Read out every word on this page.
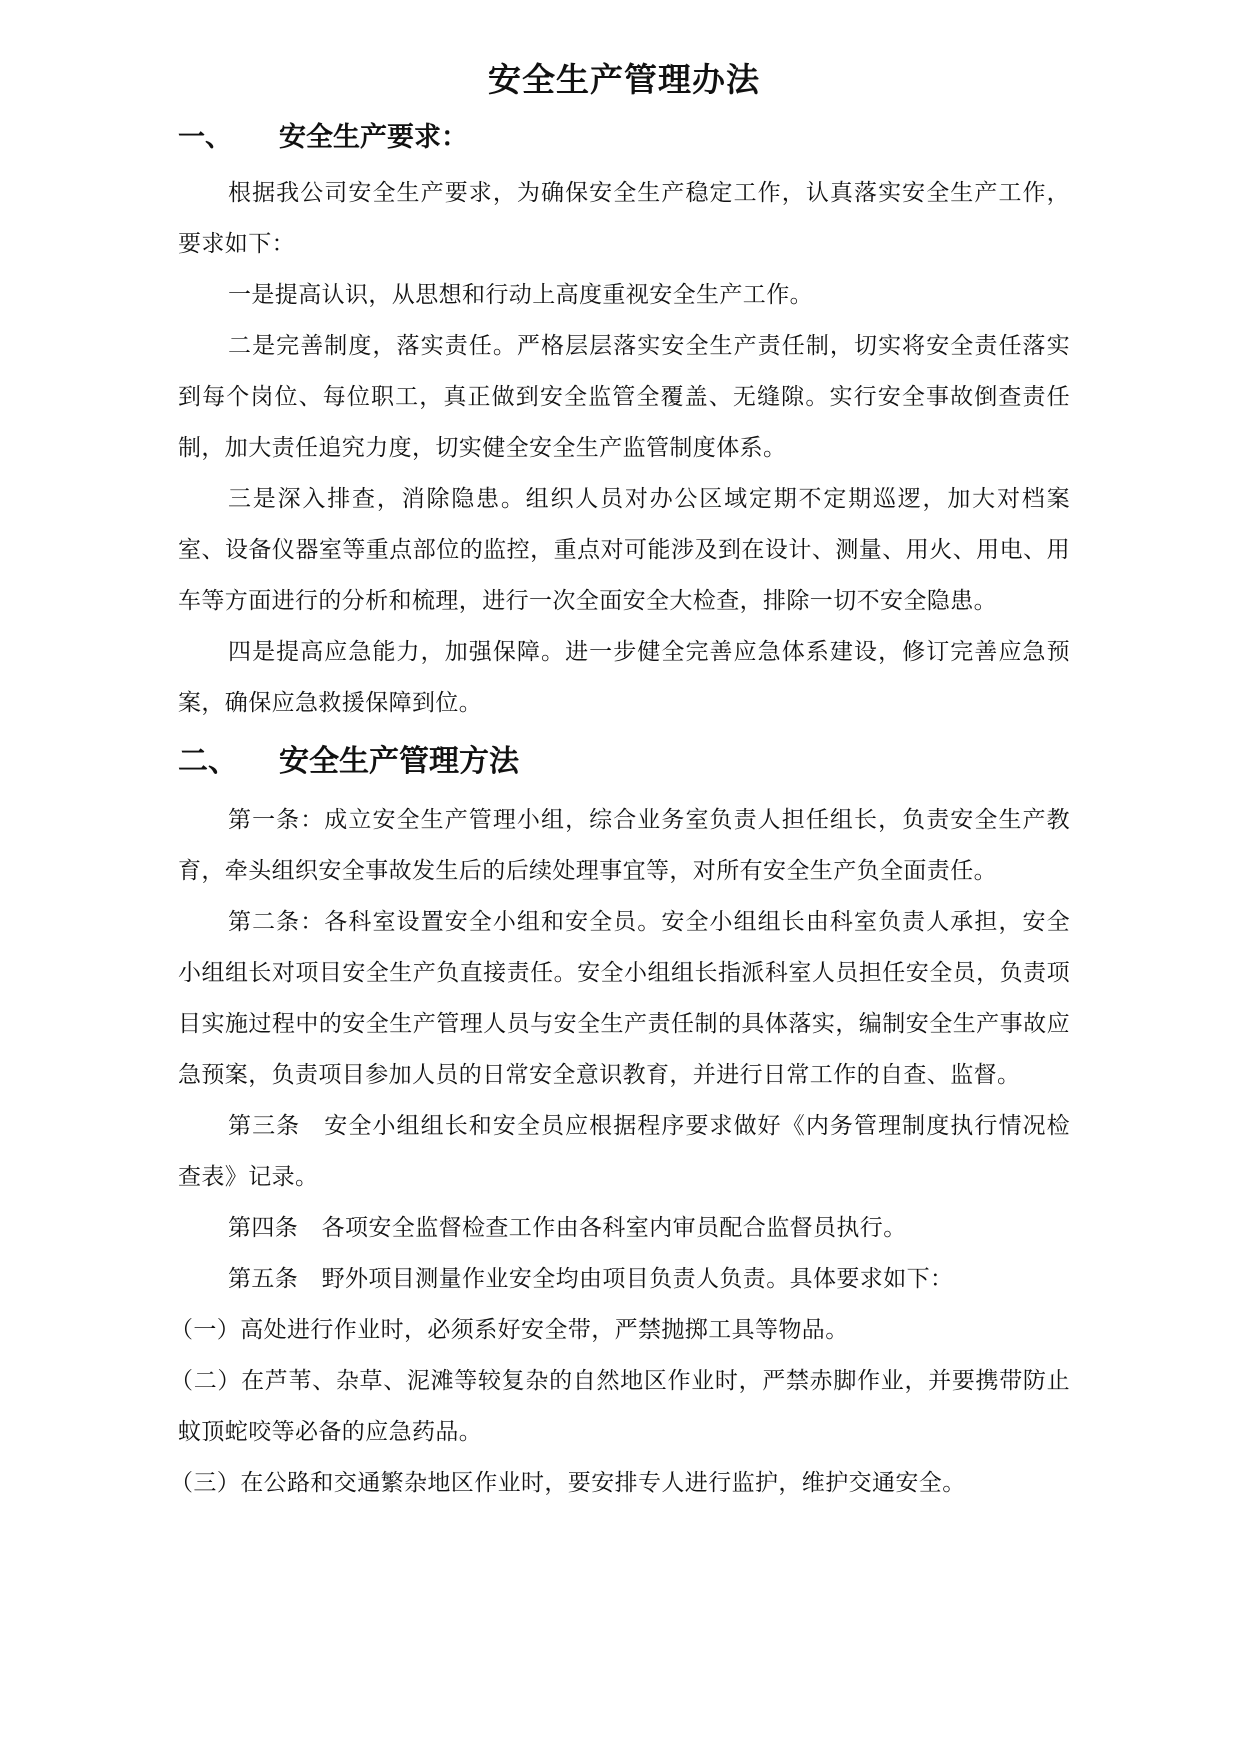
安全生产管理办法
一、	安全生产要求：

根据我公司安全生产要求，为确保安全生产稳定工作，认真落实安全生产工作，要求如下：

一是提高认识，从思想和行动上高度重视安全生产工作。

二是完善制度，落实责任。严格层层落实安全生产责任制，切实将安全责任落实到每个岗位、每位职工，真正做到安全监管全覆盖、无缝隙。实行安全事故倒查责任制，加大责任追究力度，切实健全安全生产监管制度体系。

三是深入排查，消除隐患。组织人员对办公区域定期不定期巡逻，加大对档案室、设备仪器室等重点部位的监控，重点对可能涉及到在设计、测量、用火、用电、用车等方面进行的分析和梳理，进行一次全面安全大检查，排除一切不安全隐患。

四是提高应急能力，加强保障。进一步健全完善应急体系建设，修订完善应急预案，确保应急救援保障到位。

二、	安全生产管理方法

第一条：成立安全生产管理小组，综合业务室负责人担任组长，负责安全生产教育，牵头组织安全事故发生后的后续处理事宜等，对所有安全生产负全面责任。

第二条：各科室设置安全小组和安全员。安全小组组长由科室负责人承担，安全小组组长对项目安全生产负直接责任。安全小组组长指派科室人员担任安全员，负责项目实施过程中的安全生产管理人员与安全生产责任制的具体落实，编制安全生产事故应急预案，负责项目参加人员的日常安全意识教育，并进行日常工作的自查、监督。

第三条　安全小组组长和安全员应根据程序要求做好《内务管理制度执行情况检查表》记录。

第四条　各项安全监督检查工作由各科室内审员配合监督员执行。

第五条　野外项目测量作业安全均由项目负责人负责。具体要求如下：

（一）高处进行作业时，必须系好安全带，严禁抛掷工具等物品。

（二）在芦苇、杂草、泥滩等较复杂的自然地区作业时，严禁赤脚作业，并要携带防止蚊顶蛇咬等必备的应急药品。

（三）在公路和交通繁杂地区作业时，要安排专人进行监护，维护交通安全。
